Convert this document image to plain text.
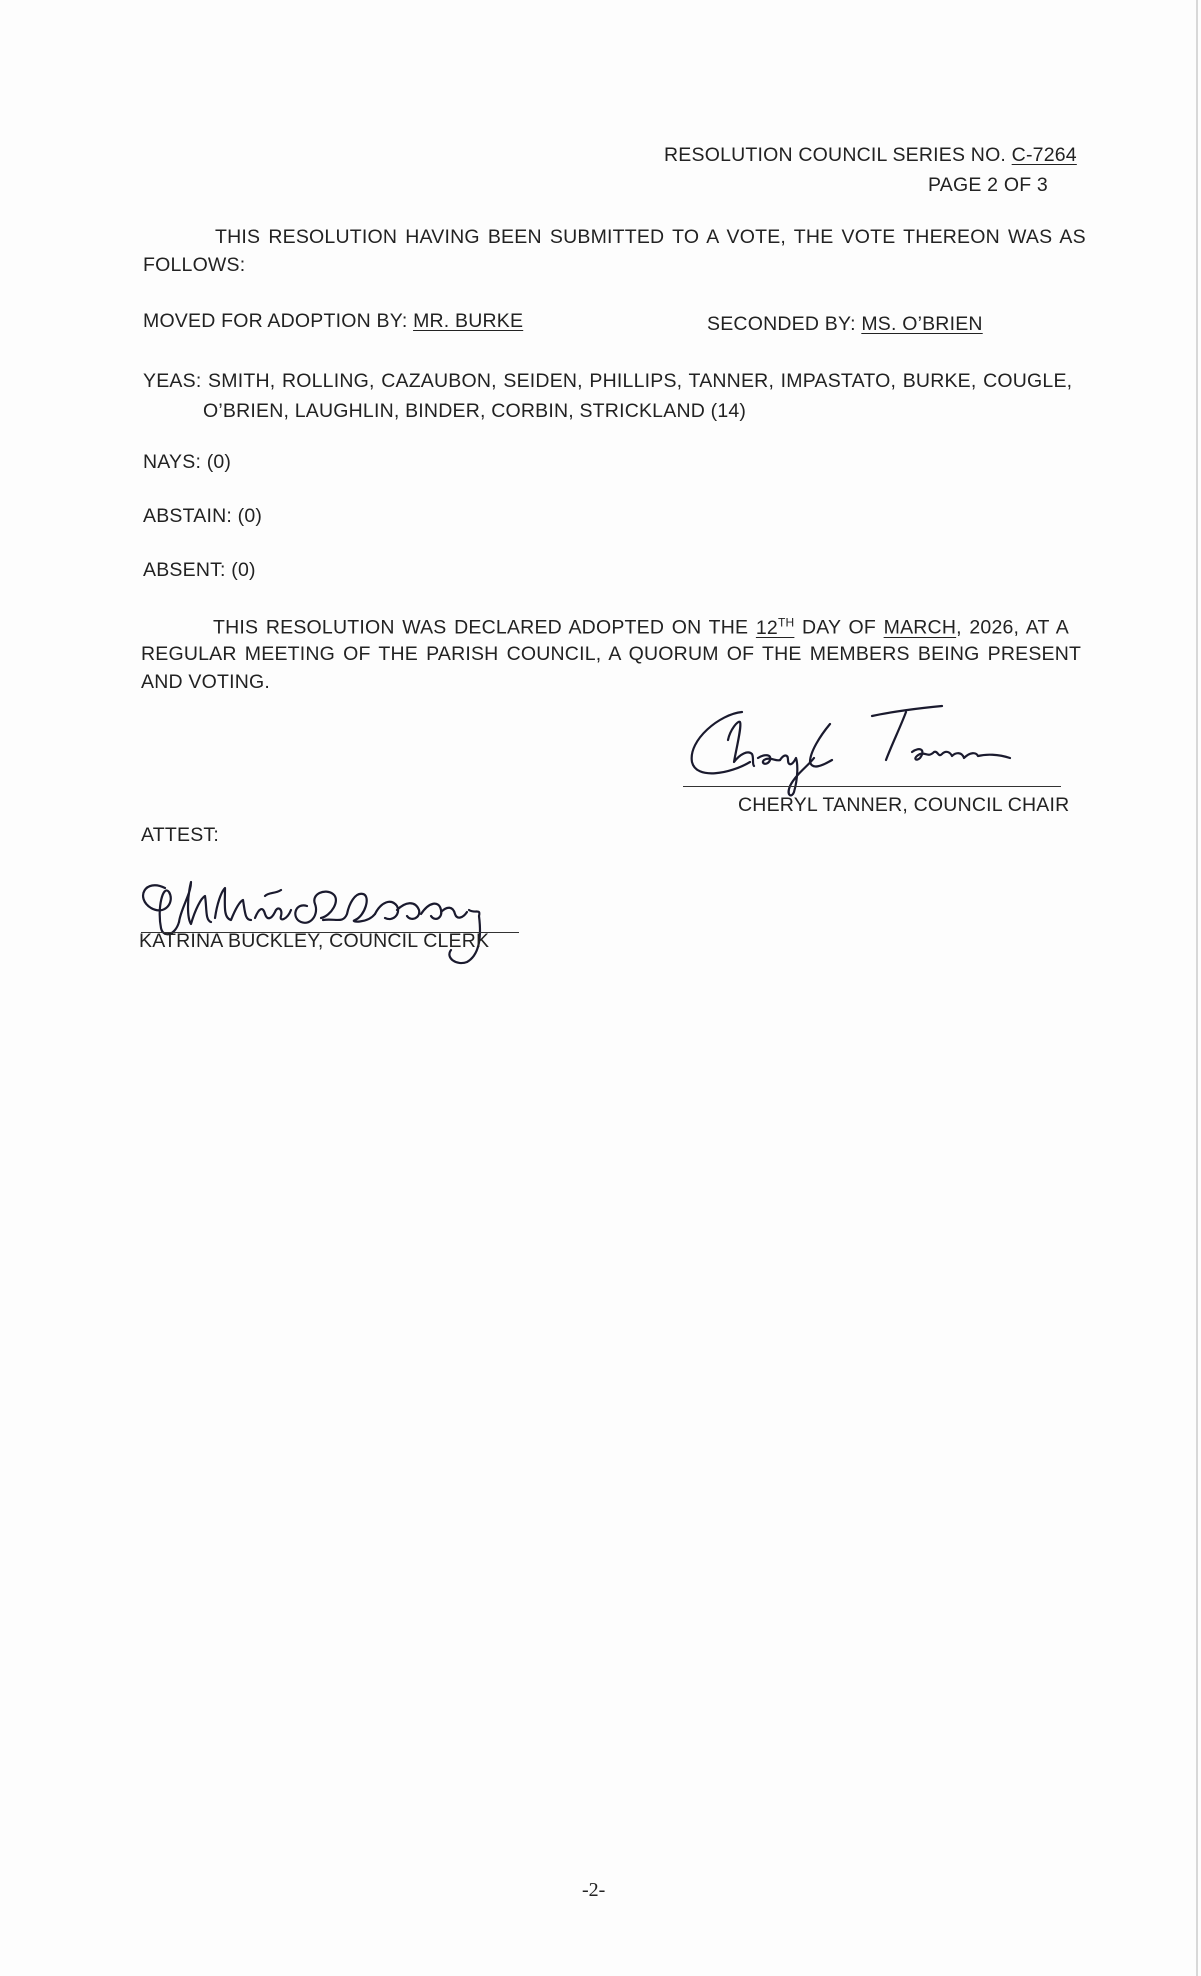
RESOLUTION COUNCIL SERIES NO. C-7264
PAGE 2 OF 3
THIS RESOLUTION HAVING BEEN SUBMITTED TO A VOTE, THE VOTE THEREON WAS AS
FOLLOWS:
MOVED FOR ADOPTION BY: MR. BURKE	SECONDED BY: MS. O’BRIEN
YEAS: SMITH, ROLLING, CAZAUBON, SEIDEN, PHILLIPS, TANNER, IMPASTATO, BURKE, COUGLE,
O’BRIEN, LAUGHLIN, BINDER, CORBIN, STRICKLAND (14)
NAYS: (0)
ABSTAIN: (0)
ABSENT: (0)
THIS RESOLUTION WAS DECLARED ADOPTED ON THE 12TH DAY OF MARCH, 2026, AT A
REGULAR MEETING OF THE PARISH COUNCIL, A QUORUM OF THE MEMBERS BEING PRESENT
AND VOTING.
CHERYL TANNER, COUNCIL CHAIR
ATTEST:
KATRINA BUCKLEY, COUNCIL CLERK
-2-
